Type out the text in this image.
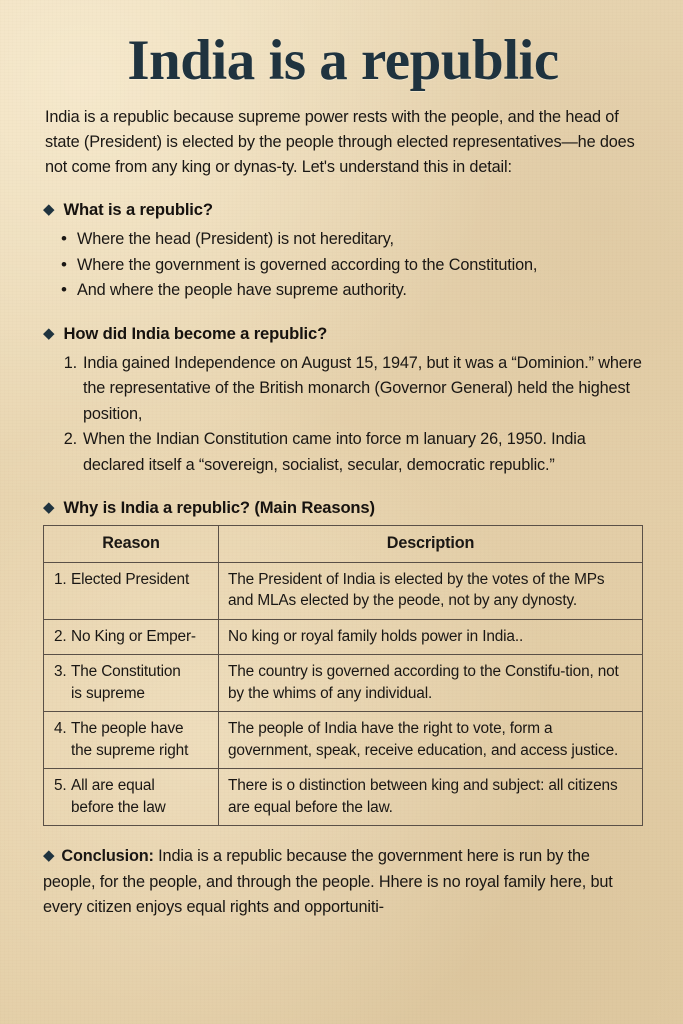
India is a republic

India is a republic because supreme power rests with the people, and the head of state (President) is elected by the people through elected representatives—he does not come from any king or dynas-ty. Let's understand this in detail:

◆ What is a republic?
• Where the head (President) is not hereditary,
• Where the government is governed according to the Constitution,
• And where the people have supreme authority.
◆ How did India become a republic?
1. India gained Independence on August 15, 1947, but it was a “Dominion.” where the representative of the British monarch (Governor General) held the highest position,
2. When the Indian Constitution came into force m lanuary 26, 1950. India declared itself a “sovereign, socialist, secular, democratic republic.”
◆ Why is India a republic? (Main Reasons)
Reason	Description
1. Elected President	The President of India is elected by the votes of the MPs and MLAs elected by the peode, not by any dynosty.
2. No King or Emper-	No king or royal family holds power in India..
3. The Constitution
is supreme	The country is governed according to the Constifu-tion, not by the whims of any individual.
4. The people have
the supreme right	The people of India have the right to vote, form a government, speak, receive education, and access justice.
5. All are equal
before the law	There is o distinction between king and subject: all citizens are equal before the law.

◆ Conclusion: India is a republic because the government here is run by the people, for the people, and through the people. Hhere is no royal family here, but every citizen enjoys equal rights and opportuniti-
